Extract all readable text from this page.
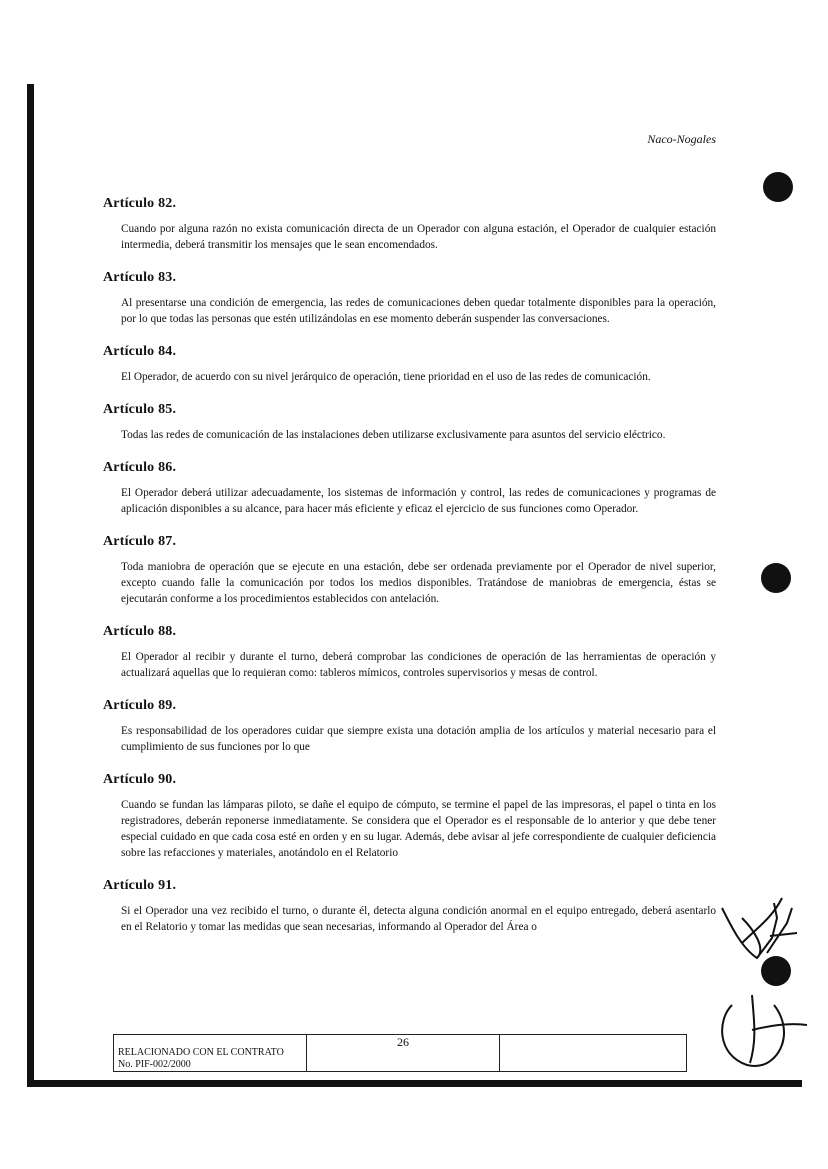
Naco-Nogales
Artículo 82.

Cuando por alguna razón no exista comunicación directa de un Operador con alguna estación, el Operador de cualquier estación intermedia, deberá transmitir los mensajes que le sean encomendados.

Artículo 83.

Al presentarse una condición de emergencia, las redes de comunicaciones deben quedar totalmente disponibles para la operación, por lo que todas las personas que estén utilizándolas en ese momento deberán suspender las conversaciones.

Artículo 84.

El Operador, de acuerdo con su nivel jerárquico de operación, tiene prioridad en el uso de las redes de comunicación.

Artículo 85.

Todas las redes de comunicación de las instalaciones deben utilizarse exclusivamente para asuntos del servicio eléctrico.

Artículo 86.

El Operador deberá utilizar adecuadamente, los sistemas de información y control, las redes de comunicaciones y programas de aplicación disponibles a su alcance, para hacer más eficiente y eficaz el ejercicio de sus funciones como Operador.

Artículo 87.

Toda maniobra de operación que se ejecute en una estación, debe ser ordenada previamente por el Operador de nivel superior, excepto cuando falle la comunicación por todos los medios disponibles. Tratándose de maniobras de emergencia, éstas se ejecutarán conforme a los procedimientos establecidos con antelación.

Artículo 88.

El Operador al recibir y durante el turno, deberá comprobar las condiciones de operación de las herramientas de operación y actualizará aquellas que lo requieran como: tableros mímicos, controles supervisorios y mesas de control.

Artículo 89.

Es responsabilidad de los operadores cuidar que siempre exista una dotación amplia de los artículos y material necesario para el cumplimiento de sus funciones por lo que

Artículo 90.

Cuando se fundan las lámparas piloto, se dañe el equipo de cómputo, se termine el papel de las impresoras, el papel o tinta en los registradores, deberán reponerse inmediatamente. Se considera que el Operador es el responsable de lo anterior y que debe tener especial cuidado en que cada cosa esté en orden y en su lugar. Además, debe avisar al jefe correspondiente de cualquier deficiencia sobre las refacciones y materiales, anotándolo en el Relatorio

Artículo 91.

Si el Operador una vez recibido el turno, o durante él, detecta alguna condición anormal en el equipo entregado, deberá asentarlo en el Relatorio y tomar las medidas que sean necesarias, informando al Operador del Área o

RELACIONADO CON EL CONTRATO
No. PIF-002/2000
	26	
